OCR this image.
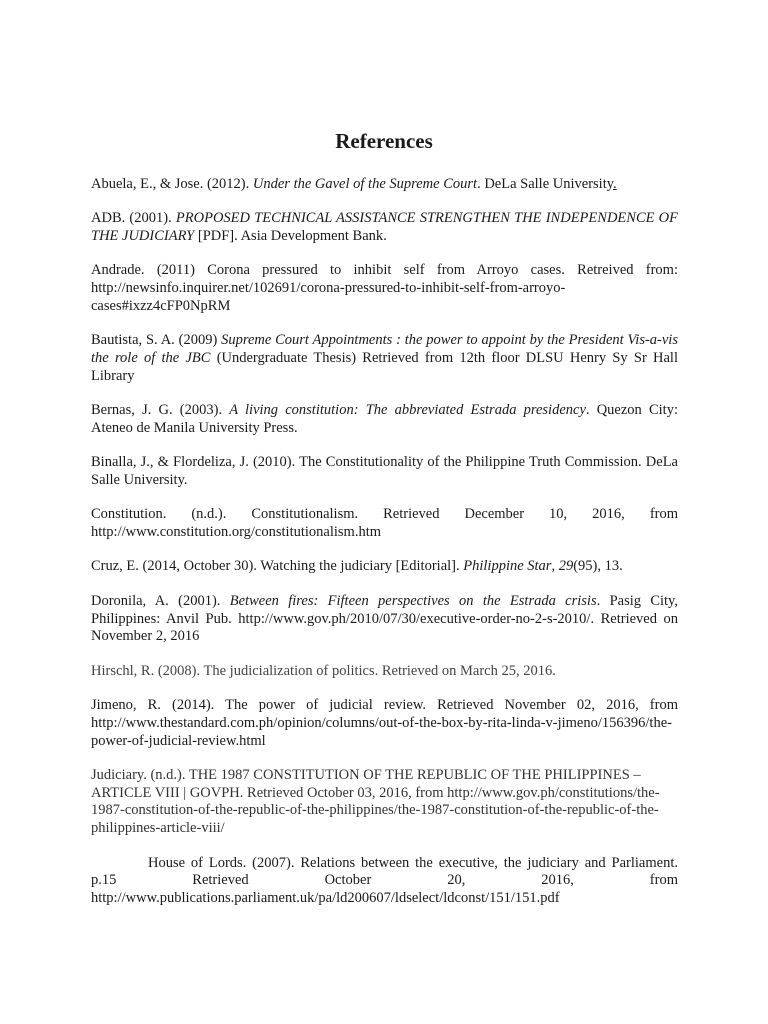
References

Abuela, E., & Jose. (2012). Under the Gavel of the Supreme Court. DeLa Salle University.

ADB. (2001). PROPOSED TECHNICAL ASSISTANCE STRENGTHEN THE INDEPENDENCE OF THE JUDICIARY [PDF]. Asia Development Bank.

Andrade. (2011) Corona pressured to inhibit self from Arroyo cases. Retreived from: http://newsinfo.inquirer.net/102691/corona-pressured-to-inhibit-self-from-arroyo-cases#ixzz4cFP0NpRM

Bautista, S. A. (2009) Supreme Court Appointments : the power to appoint by the President Vis-a-vis the role of the JBC (Undergraduate Thesis) Retrieved from 12th floor DLSU Henry Sy Sr Hall Library

Bernas, J. G. (2003). A living constitution: The abbreviated Estrada presidency. Quezon City: Ateneo de Manila University Press.

Binalla, J., & Flordeliza, J. (2010). The Constitutionality of the Philippine Truth Commission. DeLa Salle University.

Constitution. (n.d.). Constitutionalism. Retrieved December 10, 2016, from http://www.constitution.org/constitutionalism.htm

Cruz, E. (2014, October 30). Watching the judiciary [Editorial]. Philippine Star, 29(95), 13.

Doronila, A. (2001). Between fires: Fifteen perspectives on the Estrada crisis. Pasig City, Philippines: Anvil Pub. http://www.gov.ph/2010/07/30/executive-order-no-2-s-2010/. Retrieved on November 2, 2016

Hirschl, R. (2008). The judicialization of politics. Retrieved on March 25, 2016.

Jimeno, R. (2014). The power of judicial review. Retrieved November 02, 2016, from http://www.thestandard.com.ph/opinion/columns/out-of-the-box-by-rita-linda-v-jimeno/156396/the-power-of-judicial-review.html

Judiciary. (n.d.). THE 1987 CONSTITUTION OF THE REPUBLIC OF THE PHILIPPINES – ARTICLE VIII | GOVPH. Retrieved October 03, 2016, from http://www.gov.ph/constitutions/the-1987-constitution-of-the-republic-of-the-philippines/the-1987-constitution-of-the-republic-of-the-philippines-article-viii/

House of Lords. (2007). Relations between the executive, the judiciary and Parliament. p.15 Retrieved October 20, 2016, from http://www.publications.parliament.uk/pa/ld200607/ldselect/ldconst/151/151.pdf
